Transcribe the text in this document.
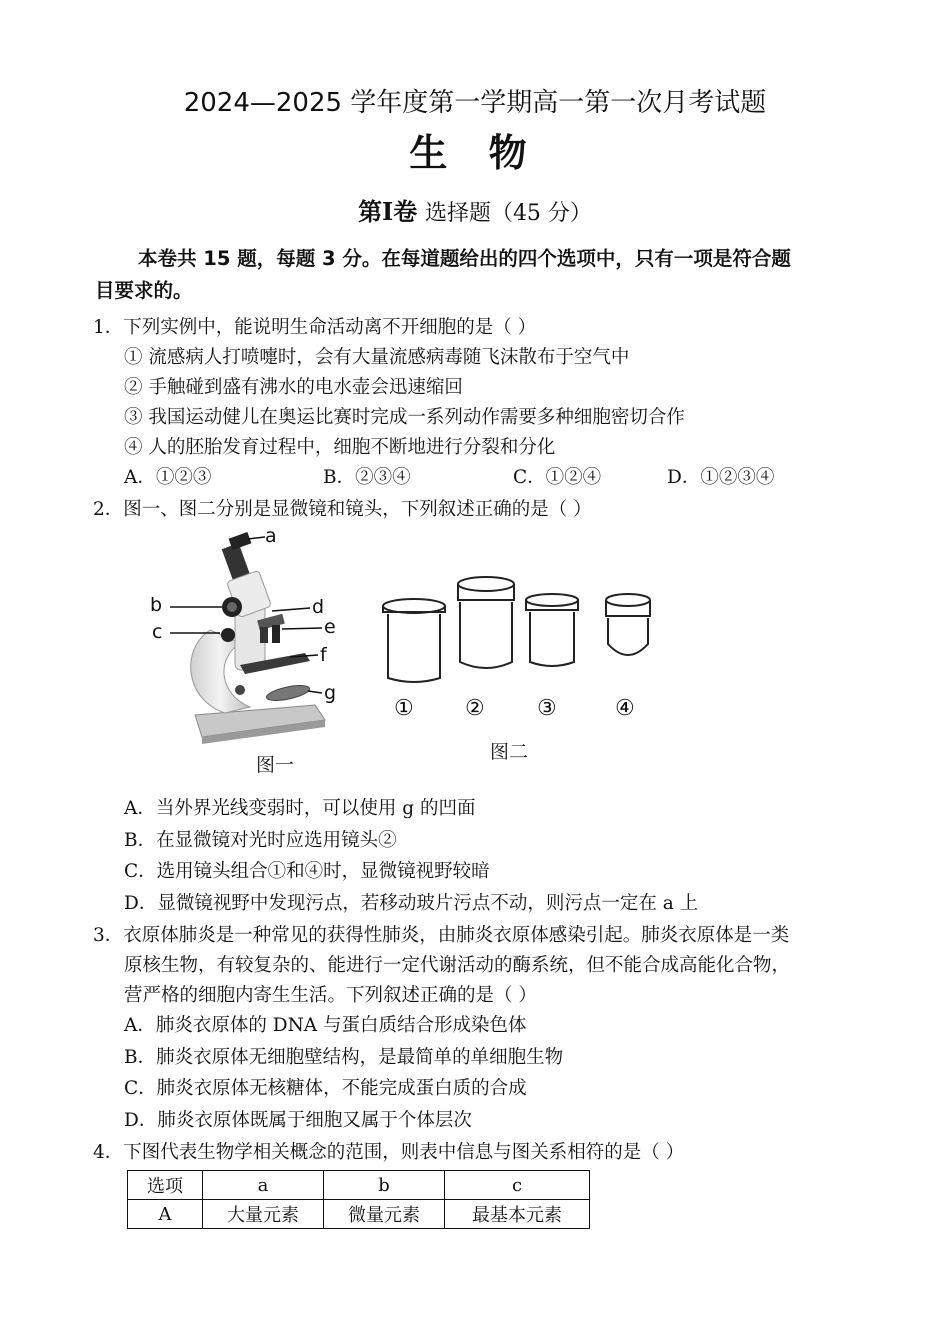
2024—2025 学年度第一学期高一第一次月考试题
生 物
第Ⅰ卷 选择题（45 分）
本卷共 15 题，每题 3 分。在每道题给出的四个选项中，只有一项是符合题
目要求的。
1．下列实例中，能说明生命活动离不开细胞的是（ ）
① 流感病人打喷嚏时，会有大量流感病毒随飞沫散布于空气中
② 手触碰到盛有沸水的电水壶会迅速缩回
③ 我国运动健儿在奥运比赛时完成一系列动作需要多种细胞密切合作
④ 人的胚胎发育过程中，细胞不断地进行分裂和分化
A．①②③	B．②③④	C．①②④	D．①②③④
2．图一、图二分别是显微镜和镜头，下列叙述正确的是（ ）
a
b
c
d
e
f
g
图一
① ② ③	④
图二
A．当外界光线变弱时，可以使用 g 的凹面
B．在显微镜对光时应选用镜头②
C．选用镜头组合①和④时，显微镜视野较暗
D．显微镜视野中发现污点，若移动玻片污点不动，则污点一定在 a 上
3．衣原体肺炎是一种常见的获得性肺炎，由肺炎衣原体感染引起。肺炎衣原体是一类
原核生物，有较复杂的、能进行一定代谢活动的酶系统，但不能合成高能化合物，
营严格的细胞内寄生生活。下列叙述正确的是（ ）
A．肺炎衣原体的 DNA 与蛋白质结合形成染色体
B．肺炎衣原体无细胞壁结构，是最简单的单细胞生物
C．肺炎衣原体无核糖体，不能完成蛋白质的合成
D．肺炎衣原体既属于细胞又属于个体层次
4．下图代表生物学相关概念的范围，则表中信息与图关系相符的是（ ）
选项	a	b	c
A	大量元素	微量元素	最基本元素
